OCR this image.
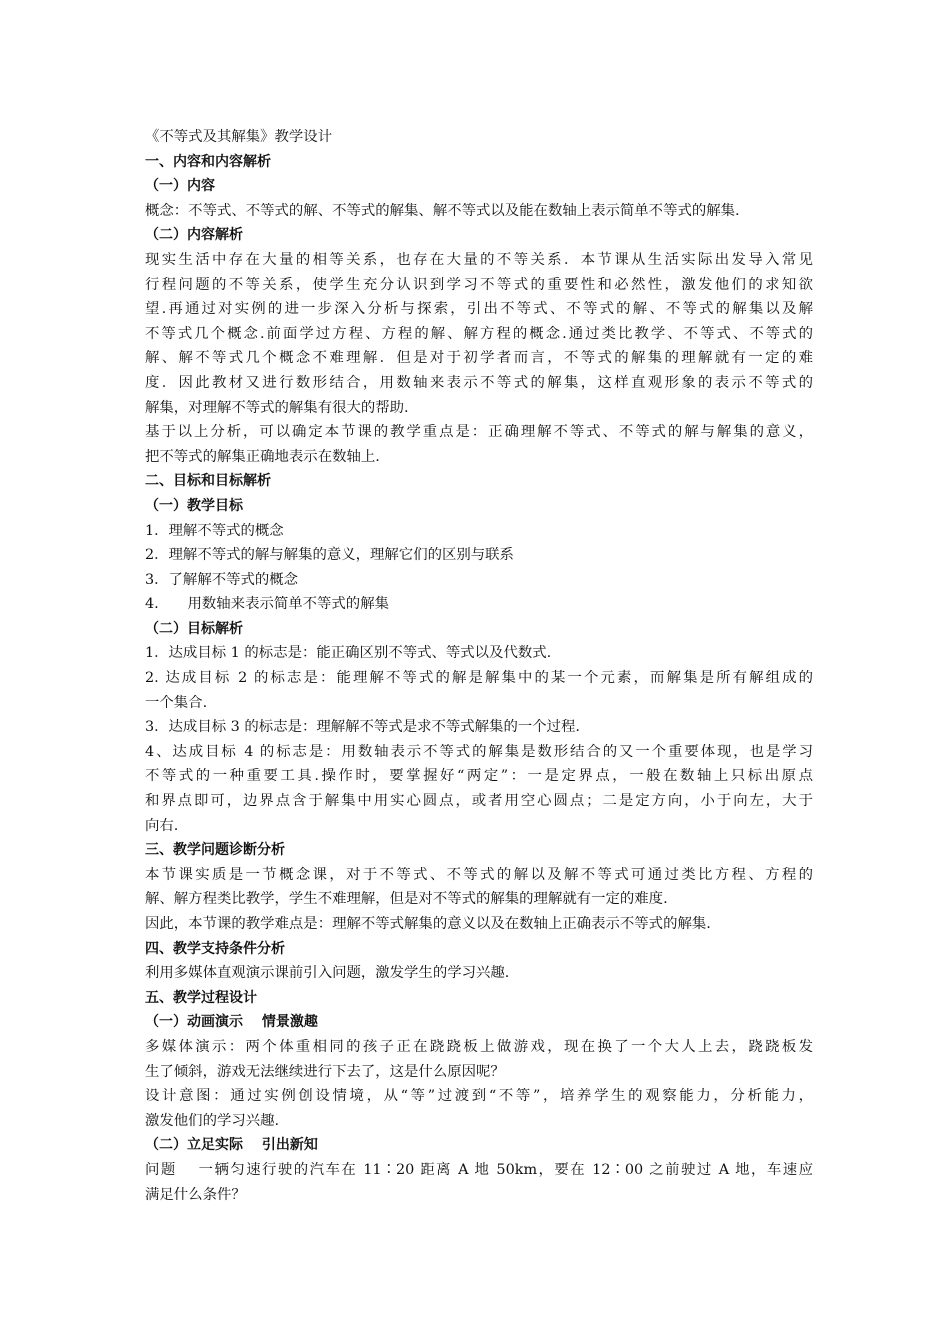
《不等式及其解集》教学设计
一、内容和内容解析
（一）内容
概念：不等式、不等式的解、不等式的解集、解不等式以及能在数轴上表示简单不等式的解集.
（二）内容解析
现实生活中存在大量的相等关系，也存在大量的不等关系．本节课从生活实际出发导入常见
行程问题的不等关系，使学生充分认识到学习不等式的重要性和必然性，激发他们的求知欲
望.再通过对实例的进一步深入分析与探索，引出不等式、不等式的解、不等式的解集以及解
不等式几个概念.前面学过方程、方程的解、解方程的概念.通过类比教学、不等式、不等式的
解、解不等式几个概念不难理解．但是对于初学者而言，不等式的解集的理解就有一定的难
度．因此教材又进行数形结合，用数轴来表示不等式的解集，这样直观形象的表示不等式的
解集，对理解不等式的解集有很大的帮助.
基于以上分析，可以确定本节课的教学重点是：正确理解不等式、不等式的解与解集的意义，
把不等式的解集正确地表示在数轴上.
二、目标和目标解析
（一）教学目标
1．理解不等式的概念
2．理解不等式的解与解集的意义，理解它们的区别与联系
3．了解解不等式的概念
4.　　用数轴来表示简单不等式的解集
（二）目标解析
1．达成目标 1 的标志是：能正确区别不等式、等式以及代数式.
2. 达成目标 2 的标志是：能理解不等式的解是解集中的某一个元素，而解集是所有解组成的
一个集合.
3．达成目标 3 的标志是：理解解不等式是求不等式解集的一个过程.
4、达成目标 4 的标志是：用数轴表示不等式的解集是数形结合的又一个重要体现，也是学习
不等式的一种重要工具.操作时，要掌握好“两定”：一是定界点，一般在数轴上只标出原点
和界点即可，边界点含于解集中用实心圆点，或者用空心圆点；二是定方向，小于向左，大于
向右.
三、教学问题诊断分析
本节课实质是一节概念课，对于不等式、不等式的解以及解不等式可通过类比方程、方程的
解、解方程类比教学，学生不难理解，但是对不等式的解集的理解就有一定的难度.
因此，本节课的教学难点是：理解不等式解集的意义以及在数轴上正确表示不等式的解集.
四、教学支持条件分析
利用多媒体直观演示课前引入问题，激发学生的学习兴趣.
五、教学过程设计
（一）动画演示　 情景激趣
多媒体演示：两个体重相同的孩子正在跷跷板上做游戏，现在换了一个大人上去，跷跷板发
生了倾斜，游戏无法继续进行下去了，这是什么原因呢？
设计意图：通过实例创设情境，从“等”过渡到“不等”，培养学生的观察能力，分析能力，
激发他们的学习兴趣.
（二）立足实际　 引出新知
问题　 一辆匀速行驶的汽车在 11∶20 距离 A 地 50km，要在 12∶00 之前驶过 A 地，车速应
满足什么条件？
